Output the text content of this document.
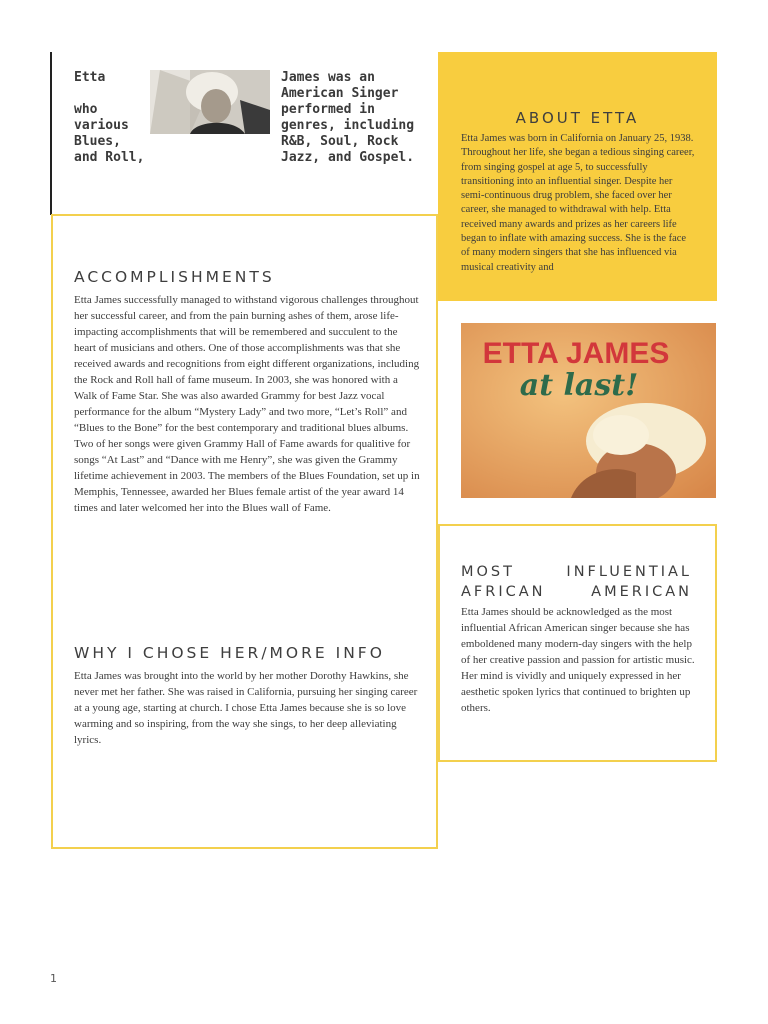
Etta

who
various
Blues,
and Roll,
James was an
American Singer
performed in
genres, including
R&B, Soul, Rock
Jazz, and Gospel.
ABOUT ETTA
Etta James was born in California on January 25, 1938. Throughout her life, she began a tedious singing career, from singing gospel at age 5, to successfully transitioning into an influential singer. Despite her semi-continuous drug problem, she faced over her career, she managed to withdrawal with help. Etta received many awards and prizes as her careers life began to inflate with amazing success. She is the face of many modern singers that she has influenced via musical creativity and
ACCOMPLISHMENTS
Etta James successfully managed to withstand vigorous challenges throughout her successful career, and from the pain burning ashes of them, arose life-impacting accomplishments that will be remembered and succulent to the heart of musicians and others. One of those accomplishments was that she received awards and recognitions from eight different organizations, including the Rock and Roll hall of fame museum. In 2003, she was honored with a Walk of Fame Star. She was also awarded Grammy for best Jazz vocal performance for the album “Mystery Lady” and two more, “Let’s Roll” and “Blues to the Bone” for the best contemporary and traditional blues albums. Two of her songs were given Grammy Hall of Fame awards for qualitive for songs “At Last” and “Dance with me Henry”, she was given the Grammy lifetime achievement in 2003. The members of the Blues Foundation, set up in Memphis, Tennessee, awarded her Blues female artist of the year award 14 times and later welcomed her into the Blues wall of Fame.
WHY I CHOSE HER/MORE INFO
Etta James was brought into the world by her mother Dorothy Hawkins, she never met her father. She was raised in California, pursuing her singing career at a young age, starting at church. I chose Etta James because she is so love warming and so inspiring, from the way she sings, to her deep alleviating lyrics.
ETTA JAMES
at last!
MOST INFLUENTIAL AFRICAN AMERICAN
Etta James should be acknowledged as the most influential African American singer because she has emboldened many modern-day singers with the help of her creative passion and passion for artistic music. Her mind is vividly and uniquely expressed in her aesthetic spoken lyrics that continued to brighten up others.
1
